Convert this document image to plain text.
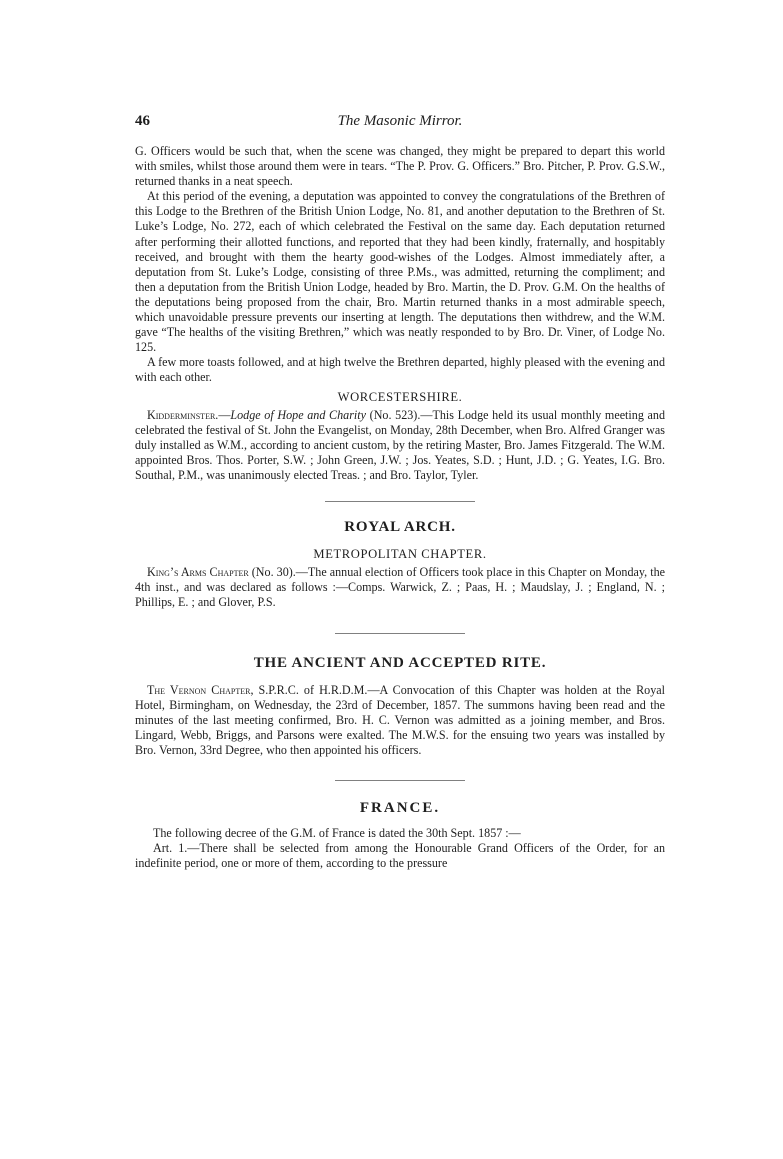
46	The Masonic Mirror.

G. Officers would be such that, when the scene was changed, they might be prepared to depart this world with smiles, whilst those around them were in tears. “The P. Prov. G. Officers.” Bro. Pitcher, P. Prov. G.S.W., returned thanks in a neat speech.

At this period of the evening, a deputation was appointed to convey the congratulations of the Brethren of this Lodge to the Brethren of the British Union Lodge, No. 81, and another deputation to the Brethren of St. Luke’s Lodge, No. 272, each of which celebrated the Festival on the same day. Each deputation returned after performing their allotted functions, and reported that they had been kindly, fraternally, and hospitably received, and brought with them the hearty good-wishes of the Lodges. Almost immediately after, a deputation from St. Luke’s Lodge, consisting of three P.Ms., was admitted, returning the compliment; and then a deputation from the British Union Lodge, headed by Bro. Martin, the D. Prov. G.M. On the healths of the deputations being proposed from the chair, Bro. Martin returned thanks in a most admirable speech, which unavoidable pressure prevents our inserting at length. The deputations then withdrew, and the W.M. gave “The healths of the visiting Brethren,” which was neatly responded to by Bro. Dr. Viner, of Lodge No. 125.

A few more toasts followed, and at high twelve the Brethren departed, highly pleased with the evening and with each other.

WORCESTERSHIRE.

Kidderminster.—Lodge of Hope and Charity (No. 523).—This Lodge held its usual monthly meeting and celebrated the festival of St. John the Evangelist, on Monday, 28th December, when Bro. Alfred Granger was duly installed as W.M., according to ancient custom, by the retiring Master, Bro. James Fitzgerald. The W.M. appointed Bros. Thos. Porter, S.W. ; John Green, J.W. ; Jos. Yeates, S.D. ; Hunt, J.D. ; G. Yeates, I.G. Bro. Southal, P.M., was unanimously elected Treas. ; and Bro. Taylor, Tyler.

ROYAL ARCH.
METROPOLITAN CHAPTER.

King’s Arms Chapter (No. 30).—The annual election of Officers took place in this Chapter on Monday, the 4th inst., and was declared as follows :—Comps. Warwick, Z. ; Paas, H. ; Maudslay, J. ; England, N. ; Phillips, E. ; and Glover, P.S.

THE ANCIENT AND ACCEPTED RITE.

The Vernon Chapter, S.P.R.C. of H.R.D.M.—A Convocation of this Chapter was holden at the Royal Hotel, Birmingham, on Wednesday, the 23rd of December, 1857. The summons having been read and the minutes of the last meeting confirmed, Bro. H. C. Vernon was admitted as a joining member, and Bros. Lingard, Webb, Briggs, and Parsons were exalted. The M.W.S. for the ensuing two years was installed by Bro. Vernon, 33rd Degree, who then appointed his officers.

FRANCE.

The following decree of the G.M. of France is dated the 30th Sept. 1857 :—

Art. 1.—There shall be selected from among the Honourable Grand Officers of the Order, for an indefinite period, one or more of them, according to the pressure
